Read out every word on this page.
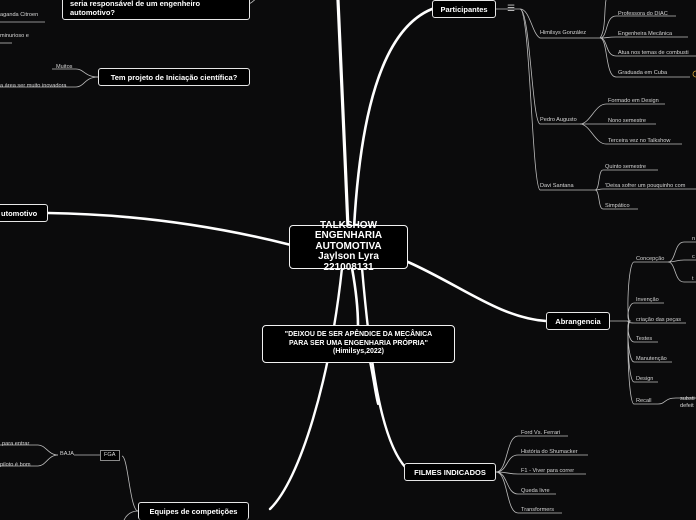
TALKSHOW
ENGENHARIA
AUTOMOTIVA
Jaylson Lyra
221008131
"DEIXOU DE SER APÊNDICE DA MECÂNICA
PARA SER UMA ENGENHARIA PRÓPRIA"
(Himilsys,2022)
Participantes ☰
Abrangencia
FILMES INDICADOS
Equipes de competições
utomotivo
Tem projeto de Iniciação científica?
seria responsável de um engenheiro
automotivo?
aganda Citroen
minurioso e
Muitos
a área ser muito inovadora
para entrar
BAJA	FGA
piloto é bom
Himilsys González
Professora do DIAC
Engenheira Mecânica
Atua nos temas de combusti
Graduada em Cuba
Pedro Augusto
Formado em Design
Nono semestre
Terceira vez no Talkshow
Davi Santana
Quinto semestre
'Deixa sofrer um pouquinho com
Simpático
Concepção
Invenção
criação das peças
Testes
Manutenção
Design
Recall
n
c
t
substi
defeit
Ford Vs. Ferrari
História do Shumacker
F1 - Viver para correr
Queda livre
Transformers
